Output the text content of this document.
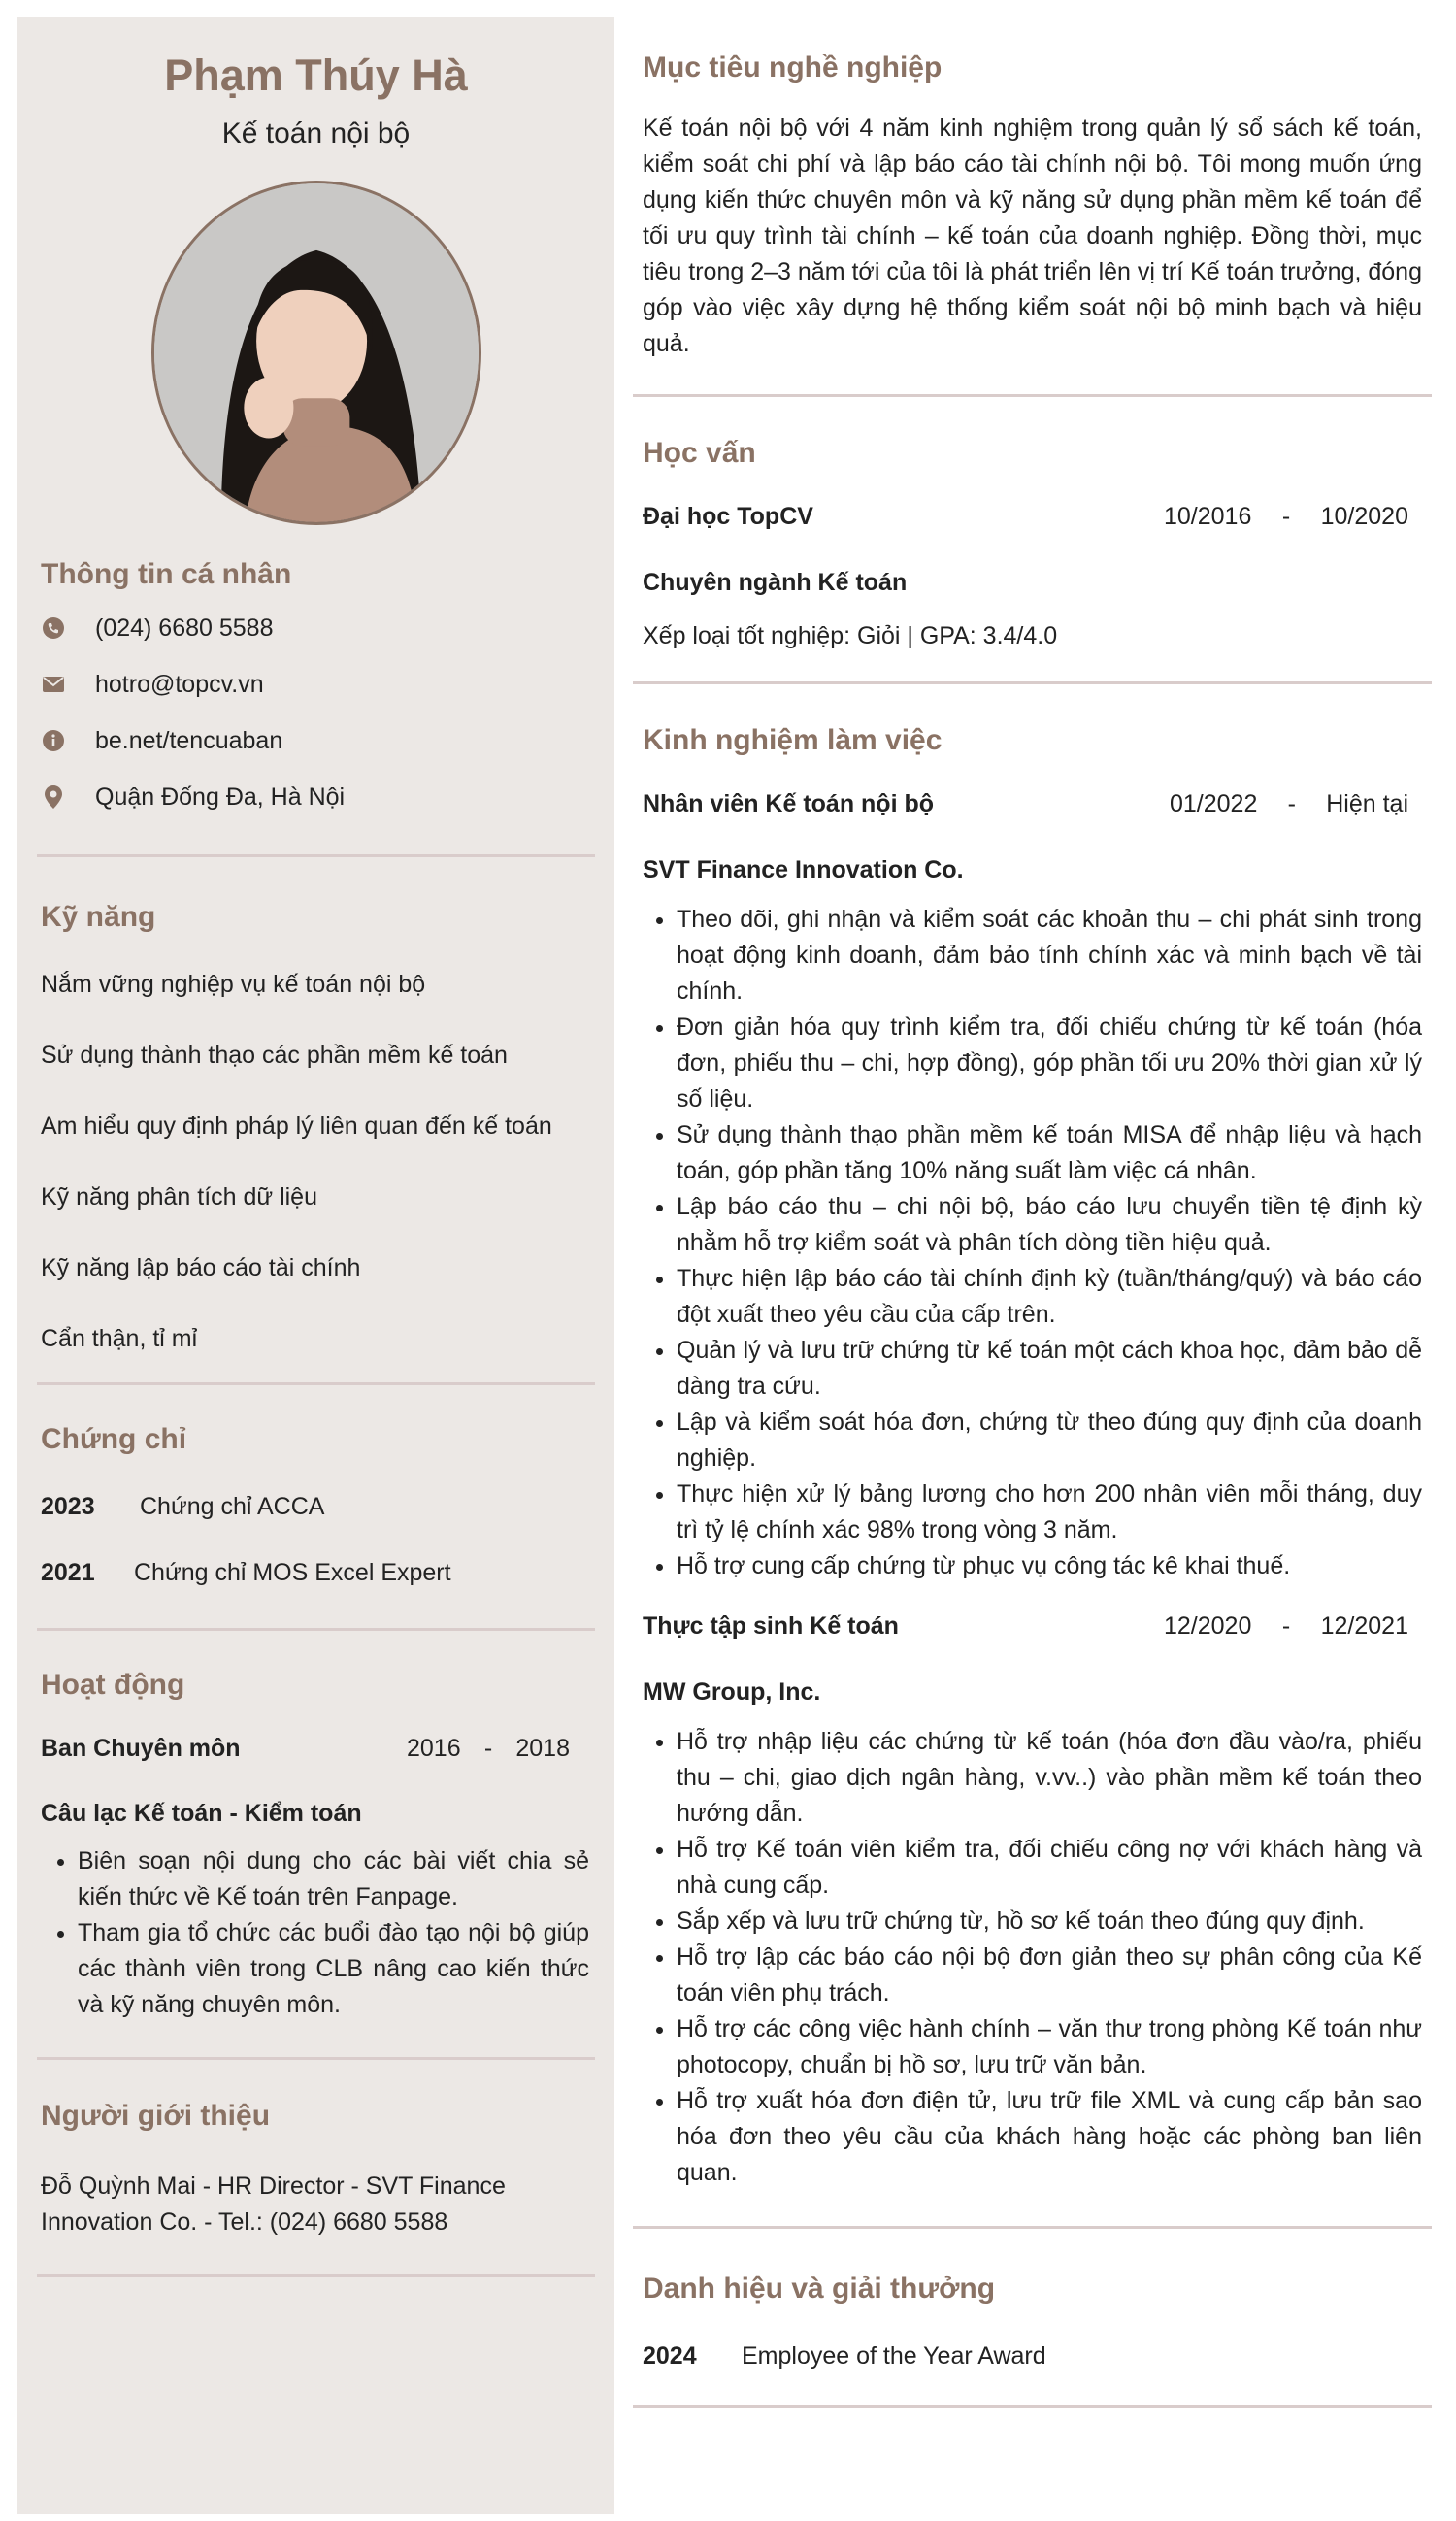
Phạm Thúy Hà
Kế toán nội bộ
Thông tin cá nhân
(024) 6680 5588
hotro@topcv.vn
be.net/tencuaban
Quận Đống Đa, Hà Nội
Kỹ năng
Nắm vững nghiệp vụ kế toán nội bộ
Sử dụng thành thạo các phần mềm kế toán
Am hiểu quy định pháp lý liên quan đến kế toán
Kỹ năng phân tích dữ liệu
Kỹ năng lập báo cáo tài chính
Cẩn thận, tỉ mỉ
Chứng chỉ
2023	Chứng chỉ ACCA
2021	Chứng chỉ MOS Excel Expert
Hoạt động
Ban Chuyên môn	2016 - 2018
Câu lạc Kế toán - Kiểm toán
• Biên soạn nội dung cho các bài viết chia sẻ kiến thức về Kế toán trên Fanpage.
• Tham gia tổ chức các buổi đào tạo nội bộ giúp các thành viên trong CLB nâng cao kiến thức và kỹ năng chuyên môn.
Người giới thiệu
Đỗ Quỳnh Mai - HR Director - SVT Finance Innovation Co. - Tel.: (024) 6680 5588
Mục tiêu nghề nghiệp
Kế toán nội bộ với 4 năm kinh nghiệm trong quản lý sổ sách kế toán, kiểm soát chi phí và lập báo cáo tài chính nội bộ. Tôi mong muốn ứng dụng kiến thức chuyên môn và kỹ năng sử dụng phần mềm kế toán để tối ưu quy trình tài chính – kế toán của doanh nghiệp. Đồng thời, mục tiêu trong 2–3 năm tới của tôi là phát triển lên vị trí Kế toán trưởng, đóng góp vào việc xây dựng hệ thống kiểm soát nội bộ minh bạch và hiệu quả.
Học vấn
Đại học TopCV	10/2016 - 10/2020
Chuyên ngành Kế toán
Xếp loại tốt nghiệp: Giỏi | GPA: 3.4/4.0
Kinh nghiệm làm việc
Nhân viên Kế toán nội bộ	01/2022 - Hiện tại
SVT Finance Innovation Co.
• Theo dõi, ghi nhận và kiểm soát các khoản thu – chi phát sinh trong hoạt động kinh doanh, đảm bảo tính chính xác và minh bạch về tài chính.
• Đơn giản hóa quy trình kiểm tra, đối chiếu chứng từ kế toán (hóa đơn, phiếu thu – chi, hợp đồng), góp phần tối ưu 20% thời gian xử lý số liệu.
• Sử dụng thành thạo phần mềm kế toán MISA để nhập liệu và hạch toán, góp phần tăng 10% năng suất làm việc cá nhân.
• Lập báo cáo thu – chi nội bộ, báo cáo lưu chuyển tiền tệ định kỳ nhằm hỗ trợ kiểm soát và phân tích dòng tiền hiệu quả.
• Thực hiện lập báo cáo tài chính định kỳ (tuần/tháng/quý) và báo cáo đột xuất theo yêu cầu của cấp trên.
• Quản lý và lưu trữ chứng từ kế toán một cách khoa học, đảm bảo dễ dàng tra cứu.
• Lập và kiểm soát hóa đơn, chứng từ theo đúng quy định của doanh nghiệp.
• Thực hiện xử lý bảng lương cho hơn 200 nhân viên mỗi tháng, duy trì tỷ lệ chính xác 98% trong vòng 3 năm.
• Hỗ trợ cung cấp chứng từ phục vụ công tác kê khai thuế.
Thực tập sinh Kế toán	12/2020 - 12/2021
MW Group, Inc.
• Hỗ trợ nhập liệu các chứng từ kế toán (hóa đơn đầu vào/ra, phiếu thu – chi, giao dịch ngân hàng, v.vv..) vào phần mềm kế toán theo hướng dẫn.
• Hỗ trợ Kế toán viên kiểm tra, đối chiếu công nợ với khách hàng và nhà cung cấp.
• Sắp xếp và lưu trữ chứng từ, hồ sơ kế toán theo đúng quy định.
• Hỗ trợ lập các báo cáo nội bộ đơn giản theo sự phân công của Kế toán viên phụ trách.
• Hỗ trợ các công việc hành chính – văn thư trong phòng Kế toán như photocopy, chuẩn bị hồ sơ, lưu trữ văn bản.
• Hỗ trợ xuất hóa đơn điện tử, lưu trữ file XML và cung cấp bản sao hóa đơn theo yêu cầu của khách hàng hoặc các phòng ban liên quan.
Danh hiệu và giải thưởng
2024	Employee of the Year Award
